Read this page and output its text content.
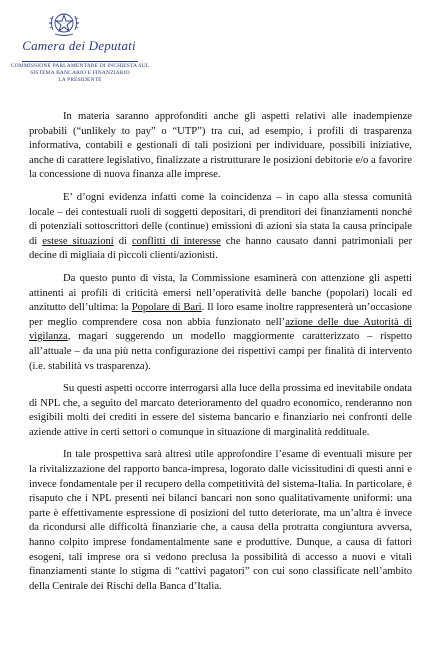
Camera dei Deputati
COMMISSIONE PARLAMENTARE DI INCHIESTA SUL
SISTEMA BANCARIO E FINANZIARIO
LA PRESIDENTE

In materia saranno approfonditi anche gli aspetti relativi alle inadempienze probabili (“unlikely to pay” o “UTP”) tra cui, ad esempio, i profili di trasparenza informativa, contabili e gestionali di tali posizioni per individuare, possibili iniziative, anche di carattere legislativo, finalizzate a ristrutturare le posizioni debitorie e/o a favorire la concessione di nuova finanza alle imprese.

E’ d’ogni evidenza infatti come la coincidenza – in capo alla stessa comunità locale – dei contestuali ruoli di soggetti depositari, di prenditori dei finanziamenti nonché di potenziali sottoscrittori delle (continue) emissioni di azioni sia stata la causa principale di estese situazioni di conflitti di interesse che hanno causato danni patrimoniali per decine di migliaia di piccoli clienti/azionisti.

Da questo punto di vista, la Commissione esaminerà con attenzione gli aspetti attinenti ai profili di criticità emersi nell’operatività delle banche (popolari) locali ed anzitutto dell’ultima: la Popolare di Bari. Il loro esame inoltre rappresenterà un’occasione per meglio comprendere cosa non abbia funzionato nell’azione delle due Autorità di vigilanza, magari suggerendo un modello maggiormente caratterizzato – rispetto all’attuale – da una più netta configurazione dei rispettivi campi per finalità di intervento (i.e. stabilità vs trasparenza).

Su questi aspetti occorre interrogarsi alla luce della prossima ed inevitabile ondata di NPL che, a seguito del marcato deterioramento del quadro economico, renderanno non esigibili molti dei crediti in essere del sistema bancario e finanziario nei confronti delle aziende attive in certi settori o comunque in situazione di marginalità reddituale.

In tale prospettiva sarà altresì utile approfondire l’esame di eventuali misure per la rivitalizzazione del rapporto banca-impresa, logorato dalle vicissitudini di questi anni e invece fondamentale per il recupero della competitività del sistema-Italia. In particolare, è risaputo che i NPL presenti nei bilanci bancari non sono qualitativamente uniformi: una parte è effettivamente espressione di posizioni del tutto deteriorate, ma un’altra è invece da ricondursi alle difficoltà finanziarie che, a causa della protratta congiuntura avversa, hanno colpito imprese fondamentalmente sane e produttive. Dunque, a causa di fattori esogeni, tali imprese ora si vedono preclusa la possibilità di accesso a nuovi e vitali finanziamenti stante lo stigma di “cattivi pagatori” con cui sono classificate nell’ambito della Centrale dei Rischi della Banca d’Italia.
